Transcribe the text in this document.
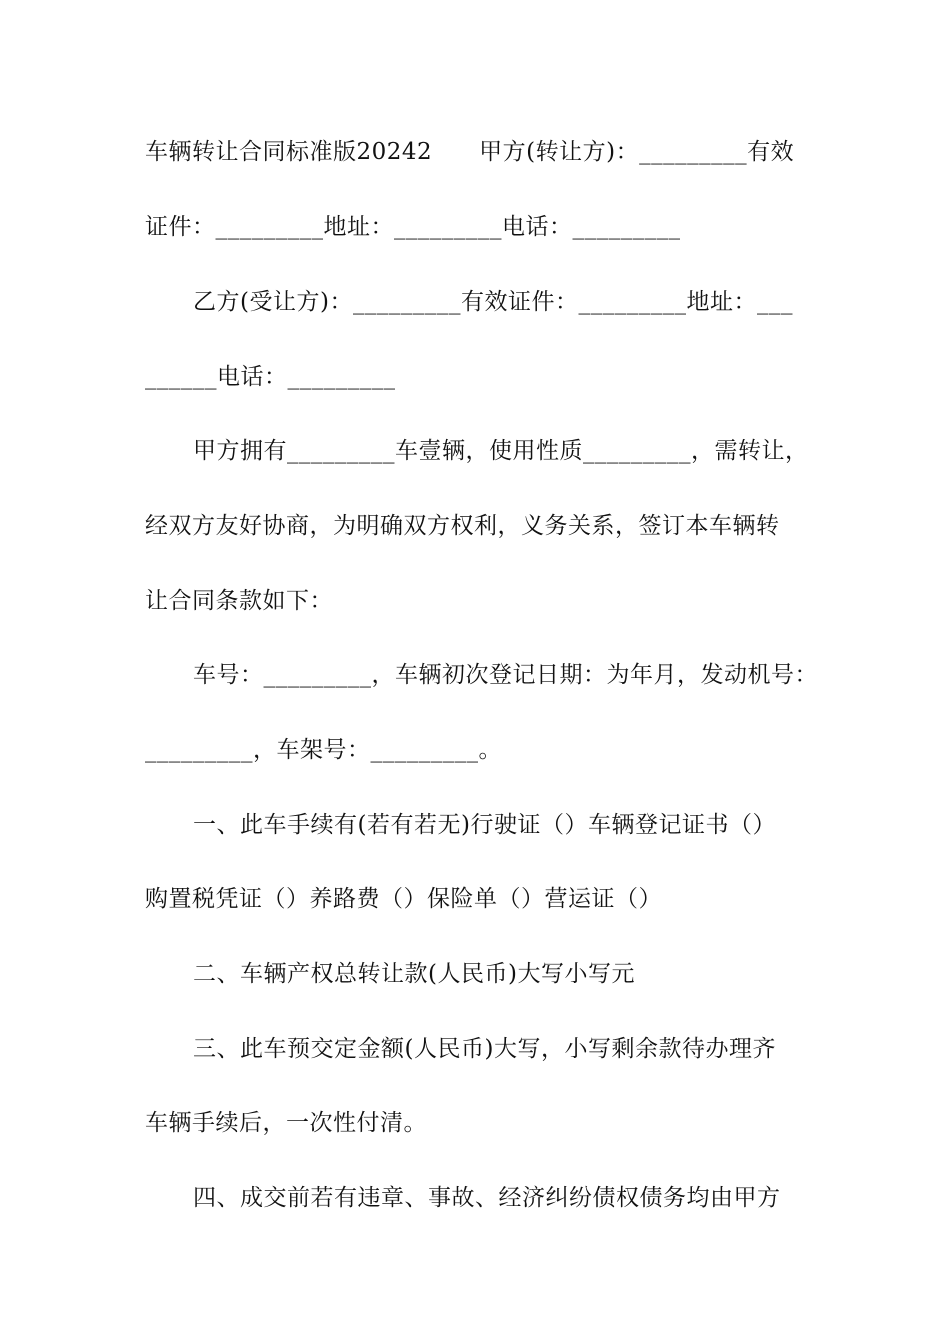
车辆转让合同标准版20242　　甲方(转让方)：_________有效
证件：_________地址：_________电话：_________
乙方(受让方)：_________有效证件：_________地址：___
______电话：_________
甲方拥有_________车壹辆，使用性质_________，需转让，
经双方友好协商，为明确双方权利，义务关系，签订本车辆转
让合同条款如下：
车号：_________，车辆初次登记日期：为年月，发动机号：
_________，车架号：_________。
一、此车手续有(若有若无)行驶证（）车辆登记证书（）
购置税凭证（）养路费（）保险单（）营运证（）
二、车辆产权总转让款(人民币)大写小写元
三、此车预交定金额(人民币)大写，小写剩余款待办理齐
车辆手续后，一次性付清。
四、成交前若有违章、事故、经济纠纷债权债务均由甲方
